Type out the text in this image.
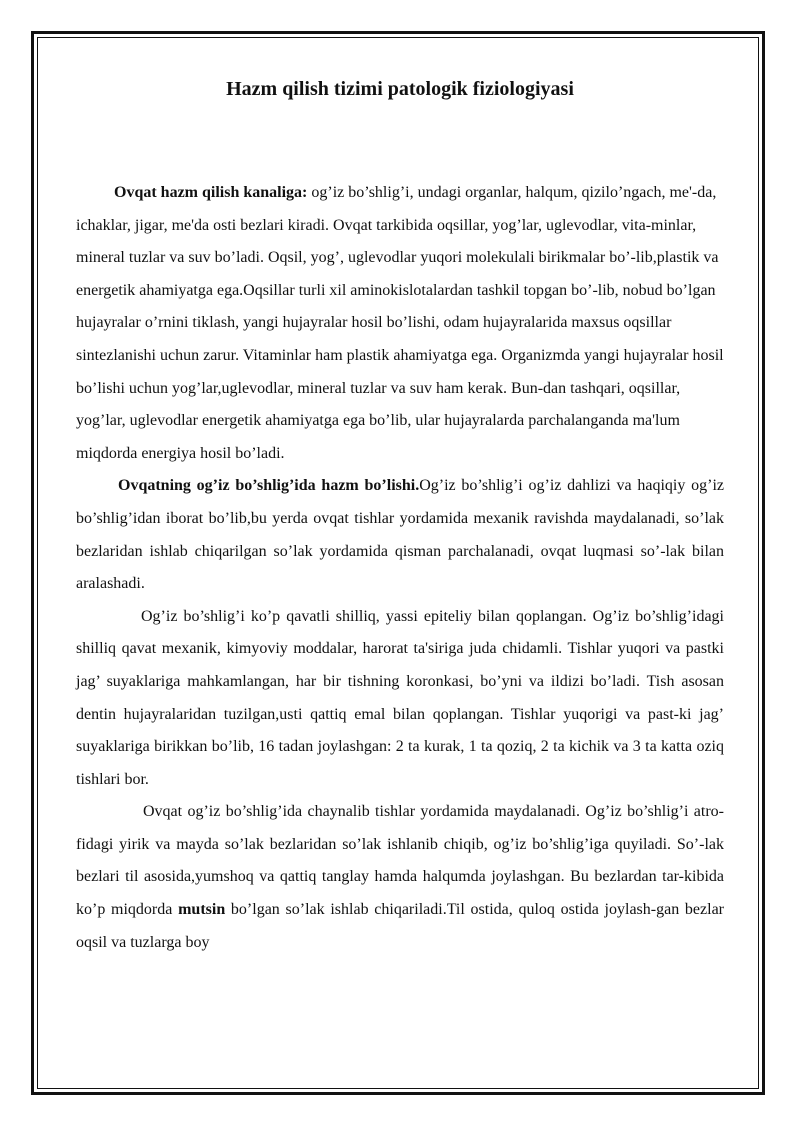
Hazm qilish tizimi patologik fiziologiyasi

Ovqat hazm qilish kanaliga: og’iz bo’shlig’i, undagi organlar, halqum, qizilo’ngach, me'-da, ichaklar, jigar, me'da osti bezlari kiradi. Ovqat tarkibida oqsillar, yog’lar, uglevodlar, vita-minlar, mineral tuzlar va suv bo’ladi. Oqsil, yog’, uglevodlar yuqori molekulali birikmalar bo’-lib,plastik va energetik ahamiyatga ega.Oqsillar turli xil aminokislotalardan tashkil topgan bo’-lib, nobud bo’lgan hujayralar o’rnini tiklash, yangi hujayralar hosil bo’lishi, odam hujayralarida maxsus oqsillar sintezlanishi uchun zarur. Vitaminlar ham plastik ahamiyatga ega. Organizmda yangi hujayralar hosil bo’lishi uchun yog’lar,uglevodlar, mineral tuzlar va suv ham kerak. Bun-dan tashqari, oqsillar, yog’lar, uglevodlar energetik ahamiyatga ega bo’lib, ular hujayralarda parchalanganda ma'lum miqdorda energiya hosil bo’ladi.

Ovqatning og’iz bo’shlig’ida hazm bo’lishi.Og’iz bo’shlig’i og’iz dahlizi va haqiqiy og’iz bo’shlig’idan iborat bo’lib,bu yerda ovqat tishlar yordamida mexanik ravishda maydalanadi, so’lak bezlaridan ishlab chiqarilgan so’lak yordamida qisman parchalanadi, ovqat luqmasi so’-lak bilan aralashadi.

Og’iz bo’shlig’i ko’p qavatli shilliq, yassi epiteliy bilan qoplangan. Og’iz bo’shlig’idagi shilliq qavat mexanik, kimyoviy moddalar, harorat ta'siriga juda chidamli. Tishlar yuqori va pastki jag’ suyaklariga mahkamlangan, har bir tishning koronkasi, bo’yni va ildizi bo’ladi. Tish asosan dentin hujayralaridan tuzilgan,usti qattiq emal bilan qoplangan. Tishlar yuqorigi va past-ki jag’ suyaklariga birikkan bo’lib, 16 tadan joylashgan: 2 ta kurak, 1 ta qoziq, 2 ta kichik va 3 ta katta oziq tishlari bor.

Ovqat og’iz bo’shlig’ida chaynalib tishlar yordamida maydalanadi. Og’iz bo’shlig’i atro-fidagi yirik va mayda so’lak bezlaridan so’lak ishlanib chiqib, og’iz bo’shlig’iga quyiladi. So’-lak bezlari til asosida,yumshoq va qattiq tanglay hamda halqumda joylashgan. Bu bezlardan tar-kibida ko’p miqdorda mutsin bo’lgan so’lak ishlab chiqariladi.Til ostida, quloq ostida joylash-gan bezlar oqsil va tuzlarga boy
